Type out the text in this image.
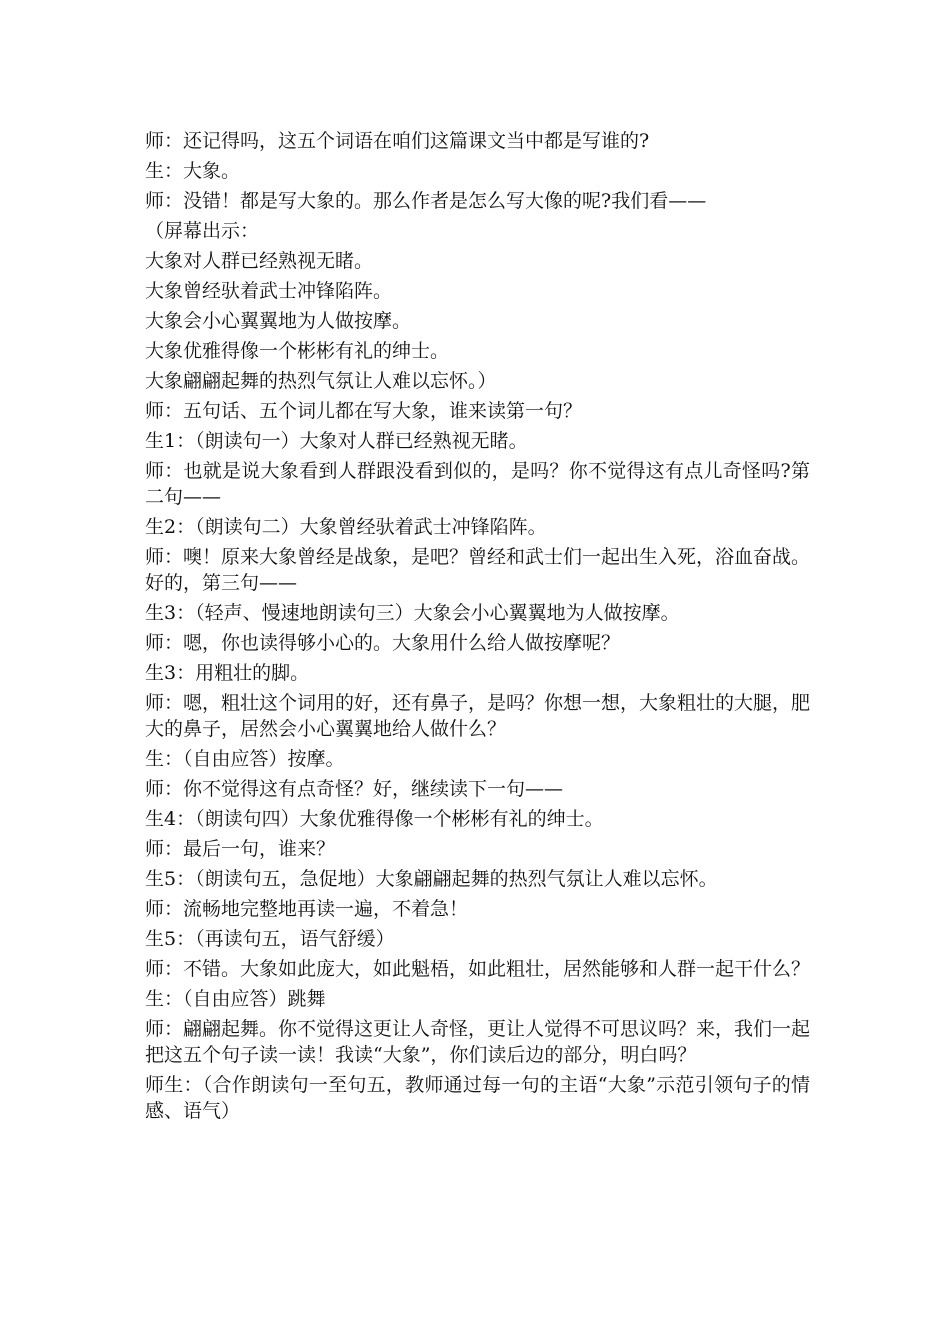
师：还记得吗，这五个词语在咱们这篇课文当中都是写谁的?

生：大象。

师：没错！都是写大象的。那么作者是怎么写大像的呢?我们看——

（屏幕出示：

大象对人群已经熟视无睹。

大象曾经驮着武士冲锋陷阵。

大象会小心翼翼地为人做按摩。

大象优雅得像一个彬彬有礼的绅士。

大象翩翩起舞的热烈气氛让人难以忘怀。）

师：五句话、五个词儿都在写大象，谁来读第一句？

生1：（朗读句一）大象对人群已经熟视无睹。

师：也就是说大象看到人群跟没看到似的，是吗？你不觉得这有点儿奇怪吗?第二句——

生2：（朗读句二）大象曾经驮着武士冲锋陷阵。

师：噢！原来大象曾经是战象，是吧？曾经和武士们一起出生入死，浴血奋战。好的，第三句——

生3：（轻声、慢速地朗读句三）大象会小心翼翼地为人做按摩。

师：嗯，你也读得够小心的。大象用什么给人做按摩呢？

生3：用粗壮的脚。

师：嗯，粗壮这个词用的好，还有鼻子，是吗？你想一想，大象粗壮的大腿，肥大的鼻子，居然会小心翼翼地给人做什么？

生：（自由应答）按摩。

师：你不觉得这有点奇怪？好，继续读下一句——

生4：（朗读句四）大象优雅得像一个彬彬有礼的绅士。

师：最后一句，谁来？

生5：（朗读句五，急促地）大象翩翩起舞的热烈气氛让人难以忘怀。

师：流畅地完整地再读一遍，不着急！

生5：（再读句五，语气舒缓）

师：不错。大象如此庞大，如此魁梧，如此粗壮，居然能够和人群一起干什么？

生：（自由应答）跳舞

师：翩翩起舞。你不觉得这更让人奇怪，更让人觉得不可思议吗？来，我们一起把这五个句子读一读！我读“大象”，你们读后边的部分，明白吗？

师生：（合作朗读句一至句五，教师通过每一句的主语“大象”示范引领句子的情感、语气）
